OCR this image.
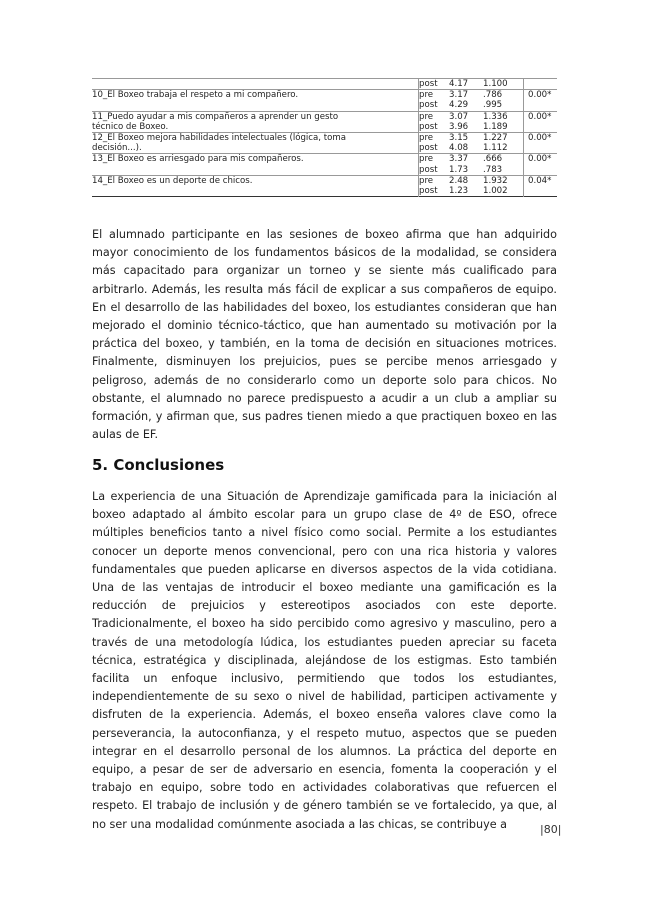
	post	4.17	1.100	
10_El Boxeo trabaja el respeto a mi compañero.	pre	3.17	.786	0.00*
	post	4.29	.995	
11_Puedo ayudar a mis compañeros a aprender un gesto	pre	3.07	1.336	0.00*
técnico de Boxeo.	post	3.96	1.189	
12_El Boxeo mejora habilidades intelectuales (lógica, toma	pre	3.15	1.227	0.00*
decisión...).	post	4.08	1.112	
13_El Boxeo es arriesgado para mis compañeros.	pre	3.37	.666	0.00*
	post	1.73	.783	
14_El Boxeo es un deporte de chicos.	pre	2.48	1.932	0.04*
	post	1.23	1.002	

El alumnado participante en las sesiones de boxeo afirma que han adquirido mayor conocimiento de los fundamentos básicos de la modalidad, se considera más capacitado para organizar un torneo y se siente más cualificado para arbitrarlo. Además, les resulta más fácil de explicar a sus compañeros de equipo. En el desarrollo de las habilidades del boxeo, los estudiantes consideran que han mejorado el dominio técnico-táctico, que han aumentado su motivación por la práctica del boxeo, y también, en la toma de decisión en situaciones motrices. Finalmente, disminuyen los prejuicios, pues se percibe menos arriesgado y peligroso, además de no considerarlo como un deporte solo para chicos. No obstante, el alumnado no parece predispuesto a acudir a un club a ampliar su formación, y afirman que, sus padres tienen miedo a que practiquen boxeo en las aulas de EF.

5. Conclusiones

La experiencia de una Situación de Aprendizaje gamificada para la iniciación al boxeo adaptado al ámbito escolar para un grupo clase de 4º de ESO, ofrece múltiples beneficios tanto a nivel físico como social. Permite a los estudiantes conocer un deporte menos convencional, pero con una rica historia y valores fundamentales que pueden aplicarse en diversos aspectos de la vida cotidiana. Una de las ventajas de introducir el boxeo mediante una gamificación es la reducción de prejuicios y estereotipos asociados con este deporte. Tradicionalmente, el boxeo ha sido percibido como agresivo y masculino, pero a través de una metodología lúdica, los estudiantes pueden apreciar su faceta técnica, estratégica y disciplinada, alejándose de los estigmas. Esto también facilita un enfoque inclusivo, permitiendo que todos los estudiantes, independientemente de su sexo o nivel de habilidad, participen activamente y disfruten de la experiencia. Además, el boxeo enseña valores clave como la perseverancia, la autoconfianza, y el respeto mutuo, aspectos que se pueden integrar en el desarrollo personal de los alumnos. La práctica del deporte en equipo, a pesar de ser de adversario en esencia, fomenta la cooperación y el trabajo en equipo, sobre todo en actividades colaborativas que refuercen el respeto. El trabajo de inclusión y de género también se ve fortalecido, ya que, al no ser una modalidad comúnmente asociada a las chicas, se contribuye a	|80|
